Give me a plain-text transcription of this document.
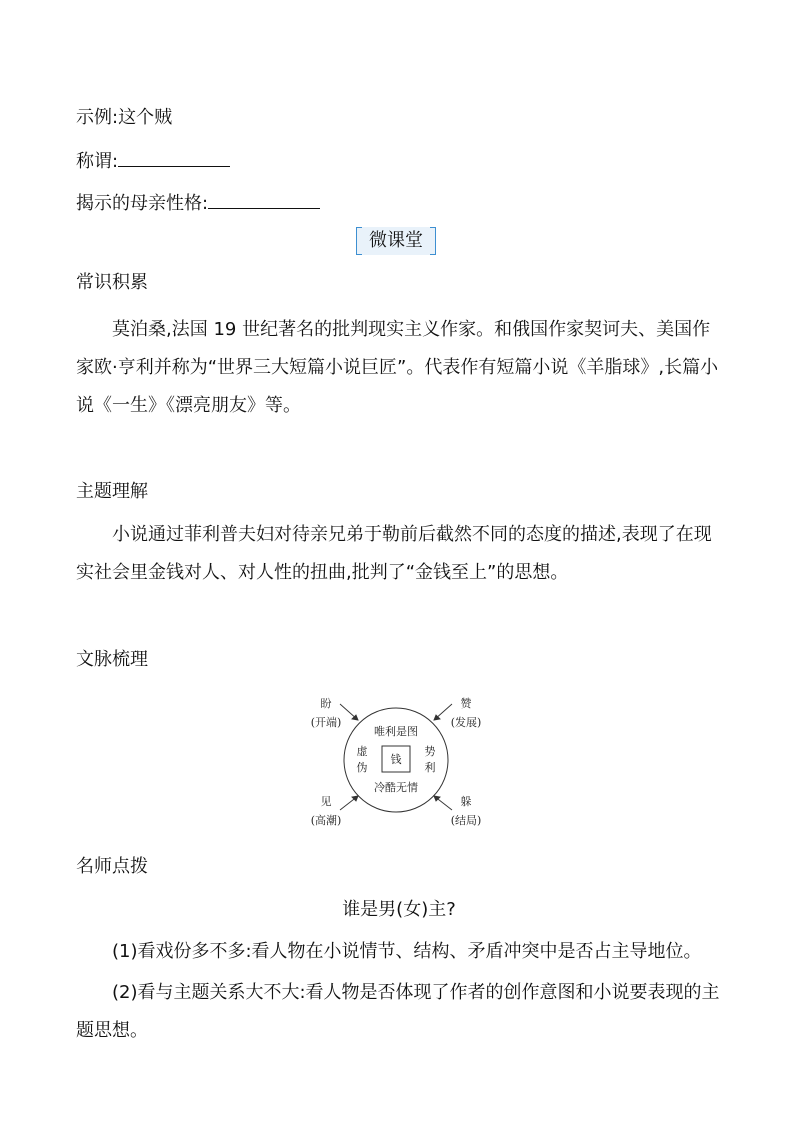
示例:这个贼
称谓:
揭示的母亲性格:
微课堂
常识积累

莫泊桑,法国 19 世纪著名的批判现实主义作家。和俄国作家契诃夫、美国作家欧·亨利并称为“世界三大短篇小说巨匠”。代表作有短篇小说《羊脂球》,长篇小说《一生》《漂亮朋友》等。

主题理解

小说通过菲利普夫妇对待亲兄弟于勒前后截然不同的态度的描述,表现了在现实社会里金钱对人、对人性的扭曲,批判了“金钱至上”的思想。

文脉梳理
钱
唯利是图
冷酷无情
虚
伪
势
利
盼
(开端)
赞
(发展)
见
(高潮)
躲
(结局)
名师点拨
谁是男(女)主?

(1)看戏份多不多:看人物在小说情节、结构、矛盾冲突中是否占主导地位。

(2)看与主题关系大不大:看人物是否体现了作者的创作意图和小说要表现的主题思想。
